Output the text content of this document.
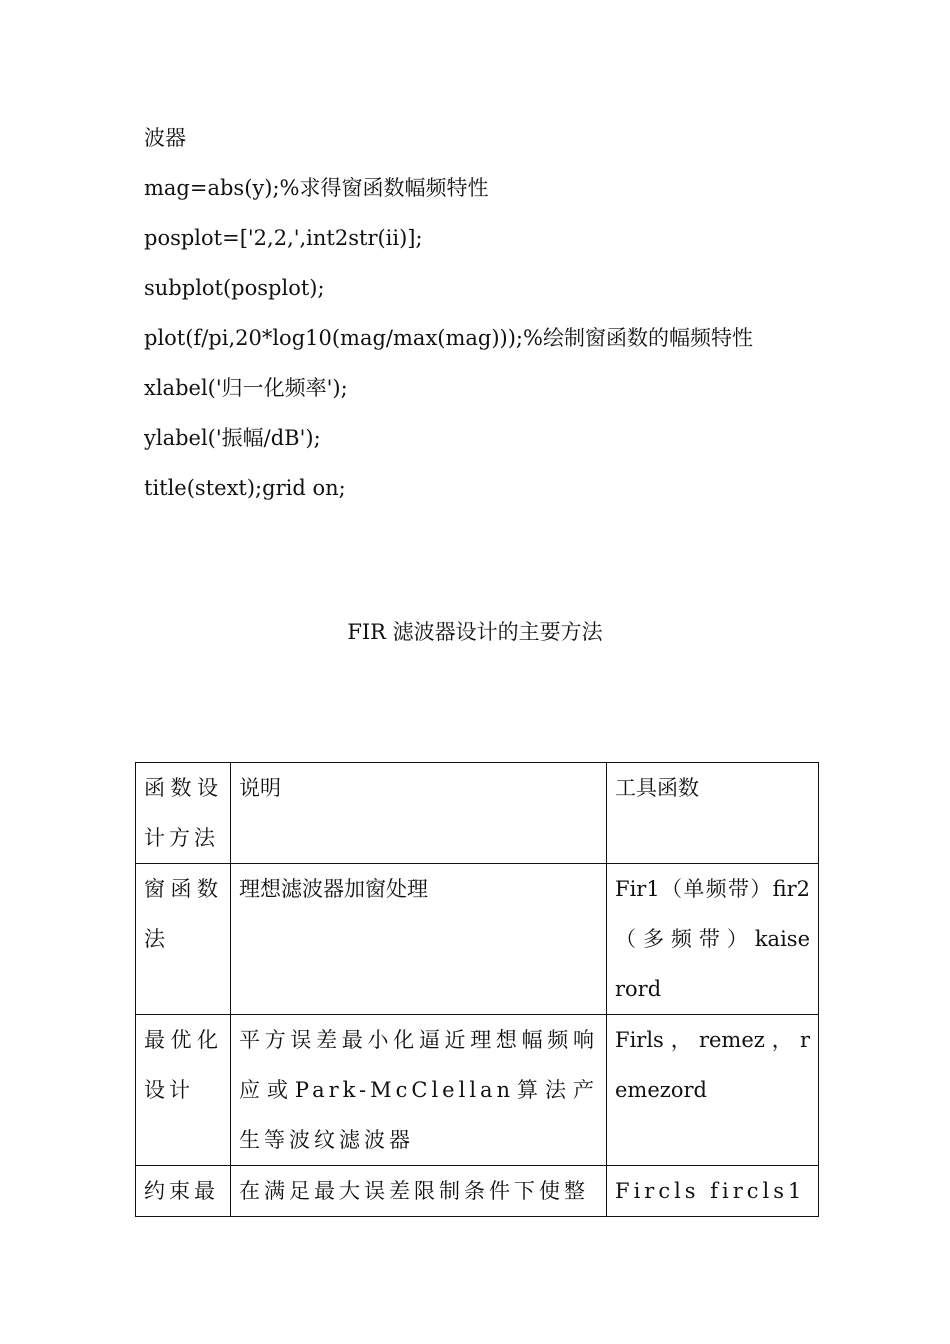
波器
mag=abs(y);%求得窗函数幅频特性
posplot=['2,2,',int2str(ii)];
subplot(posplot);
plot(f/pi,20*log10(mag/max(mag)));%绘制窗函数的幅频特性
xlabel('归一化频率');
ylabel('振幅/dB');
title(stext);grid on;
FIR 滤波器设计的主要方法
函数设计方法	说明	工具函数
窗函数法	理想滤波器加窗处理	Fir1（单频带）fir2（ 多 频 带 ） kaiserord
最优化设计	平方误差最小化逼近理想幅频响应或Park-McClellan算法产生等波纹滤波器	Firls ， remez ， remezord
约束最	在满足最大误差限制条件下使整	Fircls fircls1
